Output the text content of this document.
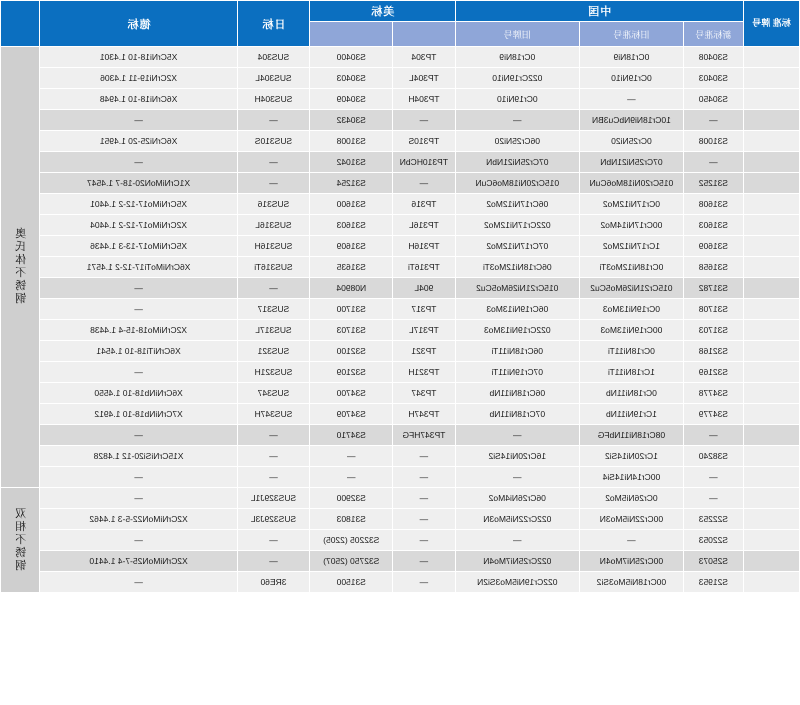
标准 牌号	中国			美标		日标	德标	
	新标准号	旧标准号	旧牌号					
	S30408	0Cr18Ni9	0Cr18Ni9	TP304	S30400	SUS304	X5CrNi18-10 1.4301	
奥
氏
体
不
锈
钢

	S30403	0Cr19Ni10	022Cr19Ni10	TP304L	S30403	SUS304L	X2CrNi19-11 1.4306	
	S30450	—	0Cr19Ni10	TP304H	S30409	SUS304H	X6CrNi18-10 1.4948	
	—	10Cr18Ni9NbCu3BN	—	—	S30432	—	—	
	S31008	0Cr25Ni20	06Cr25Ni20	TP310S	S31008	SUS310S	X6CrNi25-20 1.4951	
	—	07Cr25Ni21NbN	07Cr25Ni21NbN	TP310HCbN	S31042	—	—	
	S31252	015Cr20Ni18Mo6CuN	015Cr20Ni18Mo6CuN	—	S31254	—	X1CrNiMoN20-18-7 1.4547	
	S31608	0Cr17Ni12Mo2	06Cr17Ni12Mo2	TP316	S31600	SUS316	X5CrNiMo17-12-2 1.4401	
	S31603	00Cr17Ni14Mo2	022Cr17Ni12Mo2	TP316L	S31603	SUS316L	X2CrNiMo17-12-2 1.4404	
	S31609	1Cr17Ni12Mo2	07Cr17Ni12Mo2	TP316H	S31609	SUS316H	X5CrNiMo17-13-3 1.4436	
	S31658	0Cr18Ni12Mo3Ti	06Cr18Ni12Mo3Ti	TP316Ti	S31635	SUS316Ti	X6CrNiMoTi17-12-2 1.4571	
	S31782	015Cr21Ni26Mo5Cu2	015Cr21Ni26Mo5Cu2	904L	N08904	—	—	
	S31708	0Cr19Ni13Mo3	06Cr19Ni13Mo3	TP317	S31700	SUS317	—	
	S31703	00Cr19Ni13Mo3	022Cr19Ni13Mo3	TP317L	S31703	SUS317L	X2CrNiMo18-15-4 1.4438	
	S32168	0Cr18Ni11Ti	06Cr18Ni11Ti	TP321	S32100	SUS321	X6CrNiTi18-10 1.4541	
	S32169	1Cr18Ni11Ti	07Cr19Ni11Ti	TP321H	S32109	SUS321H	—	
	S34778	0Cr18Ni11Nb	06Cr18Ni11Nb	TP347	S34700	SUS347	X6CrNiNb18-10 1.4550	
	S34779	1Cr19Ni11Nb	07Cr18Ni11Nb	TP347H	S34709	SUS347H	X7CrNiNb18-10 1.4912	
	—	08Cr18Ni11NbFG	—	TP347HFG	S34710	—	—	
	S38240	1Cr20Ni14Si2	16Cr20Ni14Si2	—	—	—	X15CrNiSi20-12 1.4828	
	—	00Cr14Ni14Si4	—	—	—	—	—	
	—	0Cr26Ni5Mo2	06Cr26Ni4Mo2	—	S32900	SUS329J1L	—	双
相
不
锈
钢

	S22253	00Cr22Ni5Mo3N	022Cr22Ni5Mo3N	—	S31803	SUS329J3L	X2CrNiMoN22-5-3 1.4462	
	S22053	—	—	—	S32205 (2205)	—	—	
	S25073	00Cr25Ni7Mo4N	022Cr25Ni7Mo4N	—	S32750 (2507)	—	X2CrNiMoN25-7-4 1.4410	
	S21953	00Cr18Ni5Mo3Si2	022Cr19Ni5Mo3Si2N	—	S31500	3RE60	—	
